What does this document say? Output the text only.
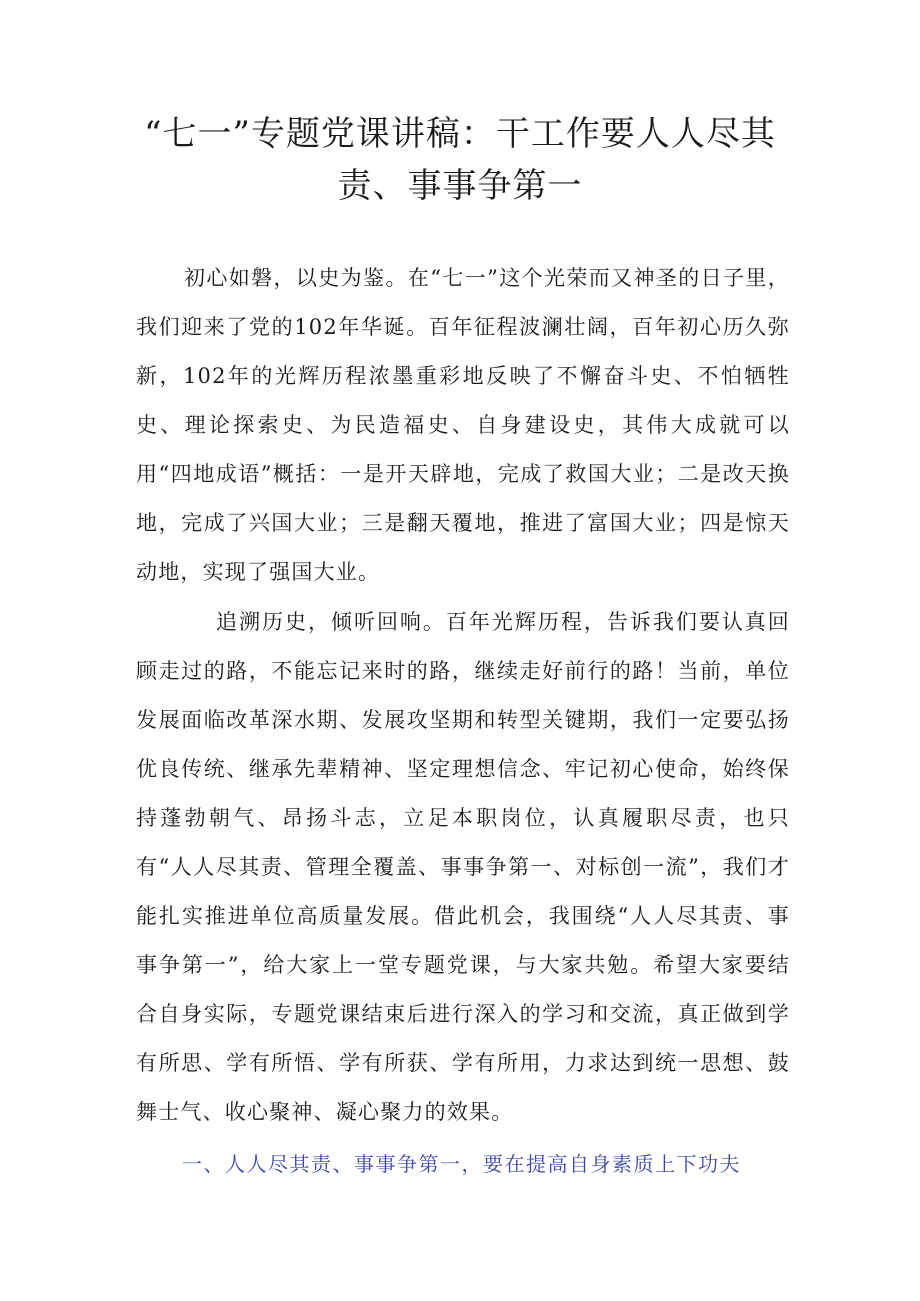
“七一”专题党课讲稿：干工作要人人尽其
责、事事争第一

初心如磐，以史为鉴。在“七一”这个光荣而又神圣的日子里，我们迎来了党的102年华诞。百年征程波澜壮阔，百年初心历久弥新，102年的光辉历程浓墨重彩地反映了不懈奋斗史、不怕牺牲史、理论探索史、为民造福史、自身建设史，其伟大成就可以用“四地成语”概括：一是开天辟地，完成了救国大业；二是改天换地，完成了兴国大业；三是翻天覆地，推进了富国大业；四是惊天动地，实现了强国大业。

追溯历史，倾听回响。百年光辉历程，告诉我们要认真回顾走过的路，不能忘记来时的路，继续走好前行的路！当前，单位发展面临改革深水期、发展攻坚期和转型关键期，我们一定要弘扬优良传统、继承先辈精神、坚定理想信念、牢记初心使命，始终保持蓬勃朝气、昂扬斗志，立足本职岗位，认真履职尽责，也只有“人人尽其责、管理全覆盖、事事争第一、对标创一流”，我们才能扎实推进单位高质量发展。借此机会，我围绕“人人尽其责、事事争第一”，给大家上一堂专题党课，与大家共勉。希望大家要结合自身实际，专题党课结束后进行深入的学习和交流，真正做到学有所思、学有所悟、学有所获、学有所用，力求达到统一思想、鼓舞士气、收心聚神、凝心聚力的效果。

一、人人尽其责、事事争第一，要在提高自身素质上下功夫
